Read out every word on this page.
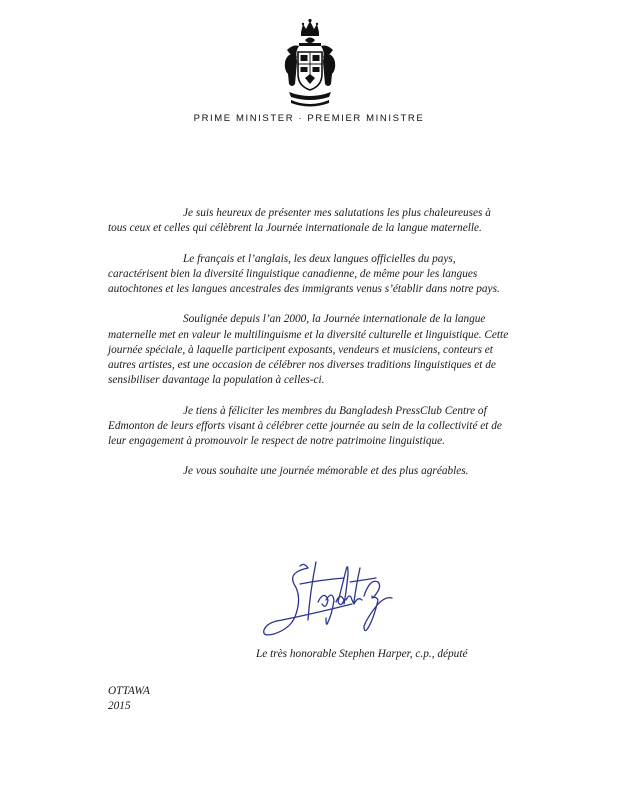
PRIME MINISTER · PREMIER MINISTRE

Je suis heureux de présenter mes salutations les plus chaleureuses à tous ceux et celles qui célèbrent la Journée internationale de la langue maternelle.

Le français et l’anglais, les deux langues officielles du pays, caractérisent bien la diversité linguistique canadienne, de même pour les langues autochtones et les langues ancestrales des immigrants venus s’établir dans notre pays.

Soulignée depuis l’an 2000, la Journée internationale de la langue maternelle met en valeur le multilinguisme et la diversité culturelle et linguistique. Cette journée spéciale, à laquelle participent exposants, vendeurs et musiciens, conteurs et autres artistes, est une occasion de célébrer nos diverses traditions linguistiques et de sensibiliser davantage la population à celles-ci.

Je tiens à féliciter les membres du Bangladesh PressClub Centre of Edmonton de leurs efforts visant à célébrer cette journée au sein de la collectivité et de leur engagement à promouvoir le respect de notre patrimoine linguistique.

Je vous souhaite une journée mémorable et des plus agréables.

Le très honorable Stephen Harper, c.p., député
OTTAWA
2015
